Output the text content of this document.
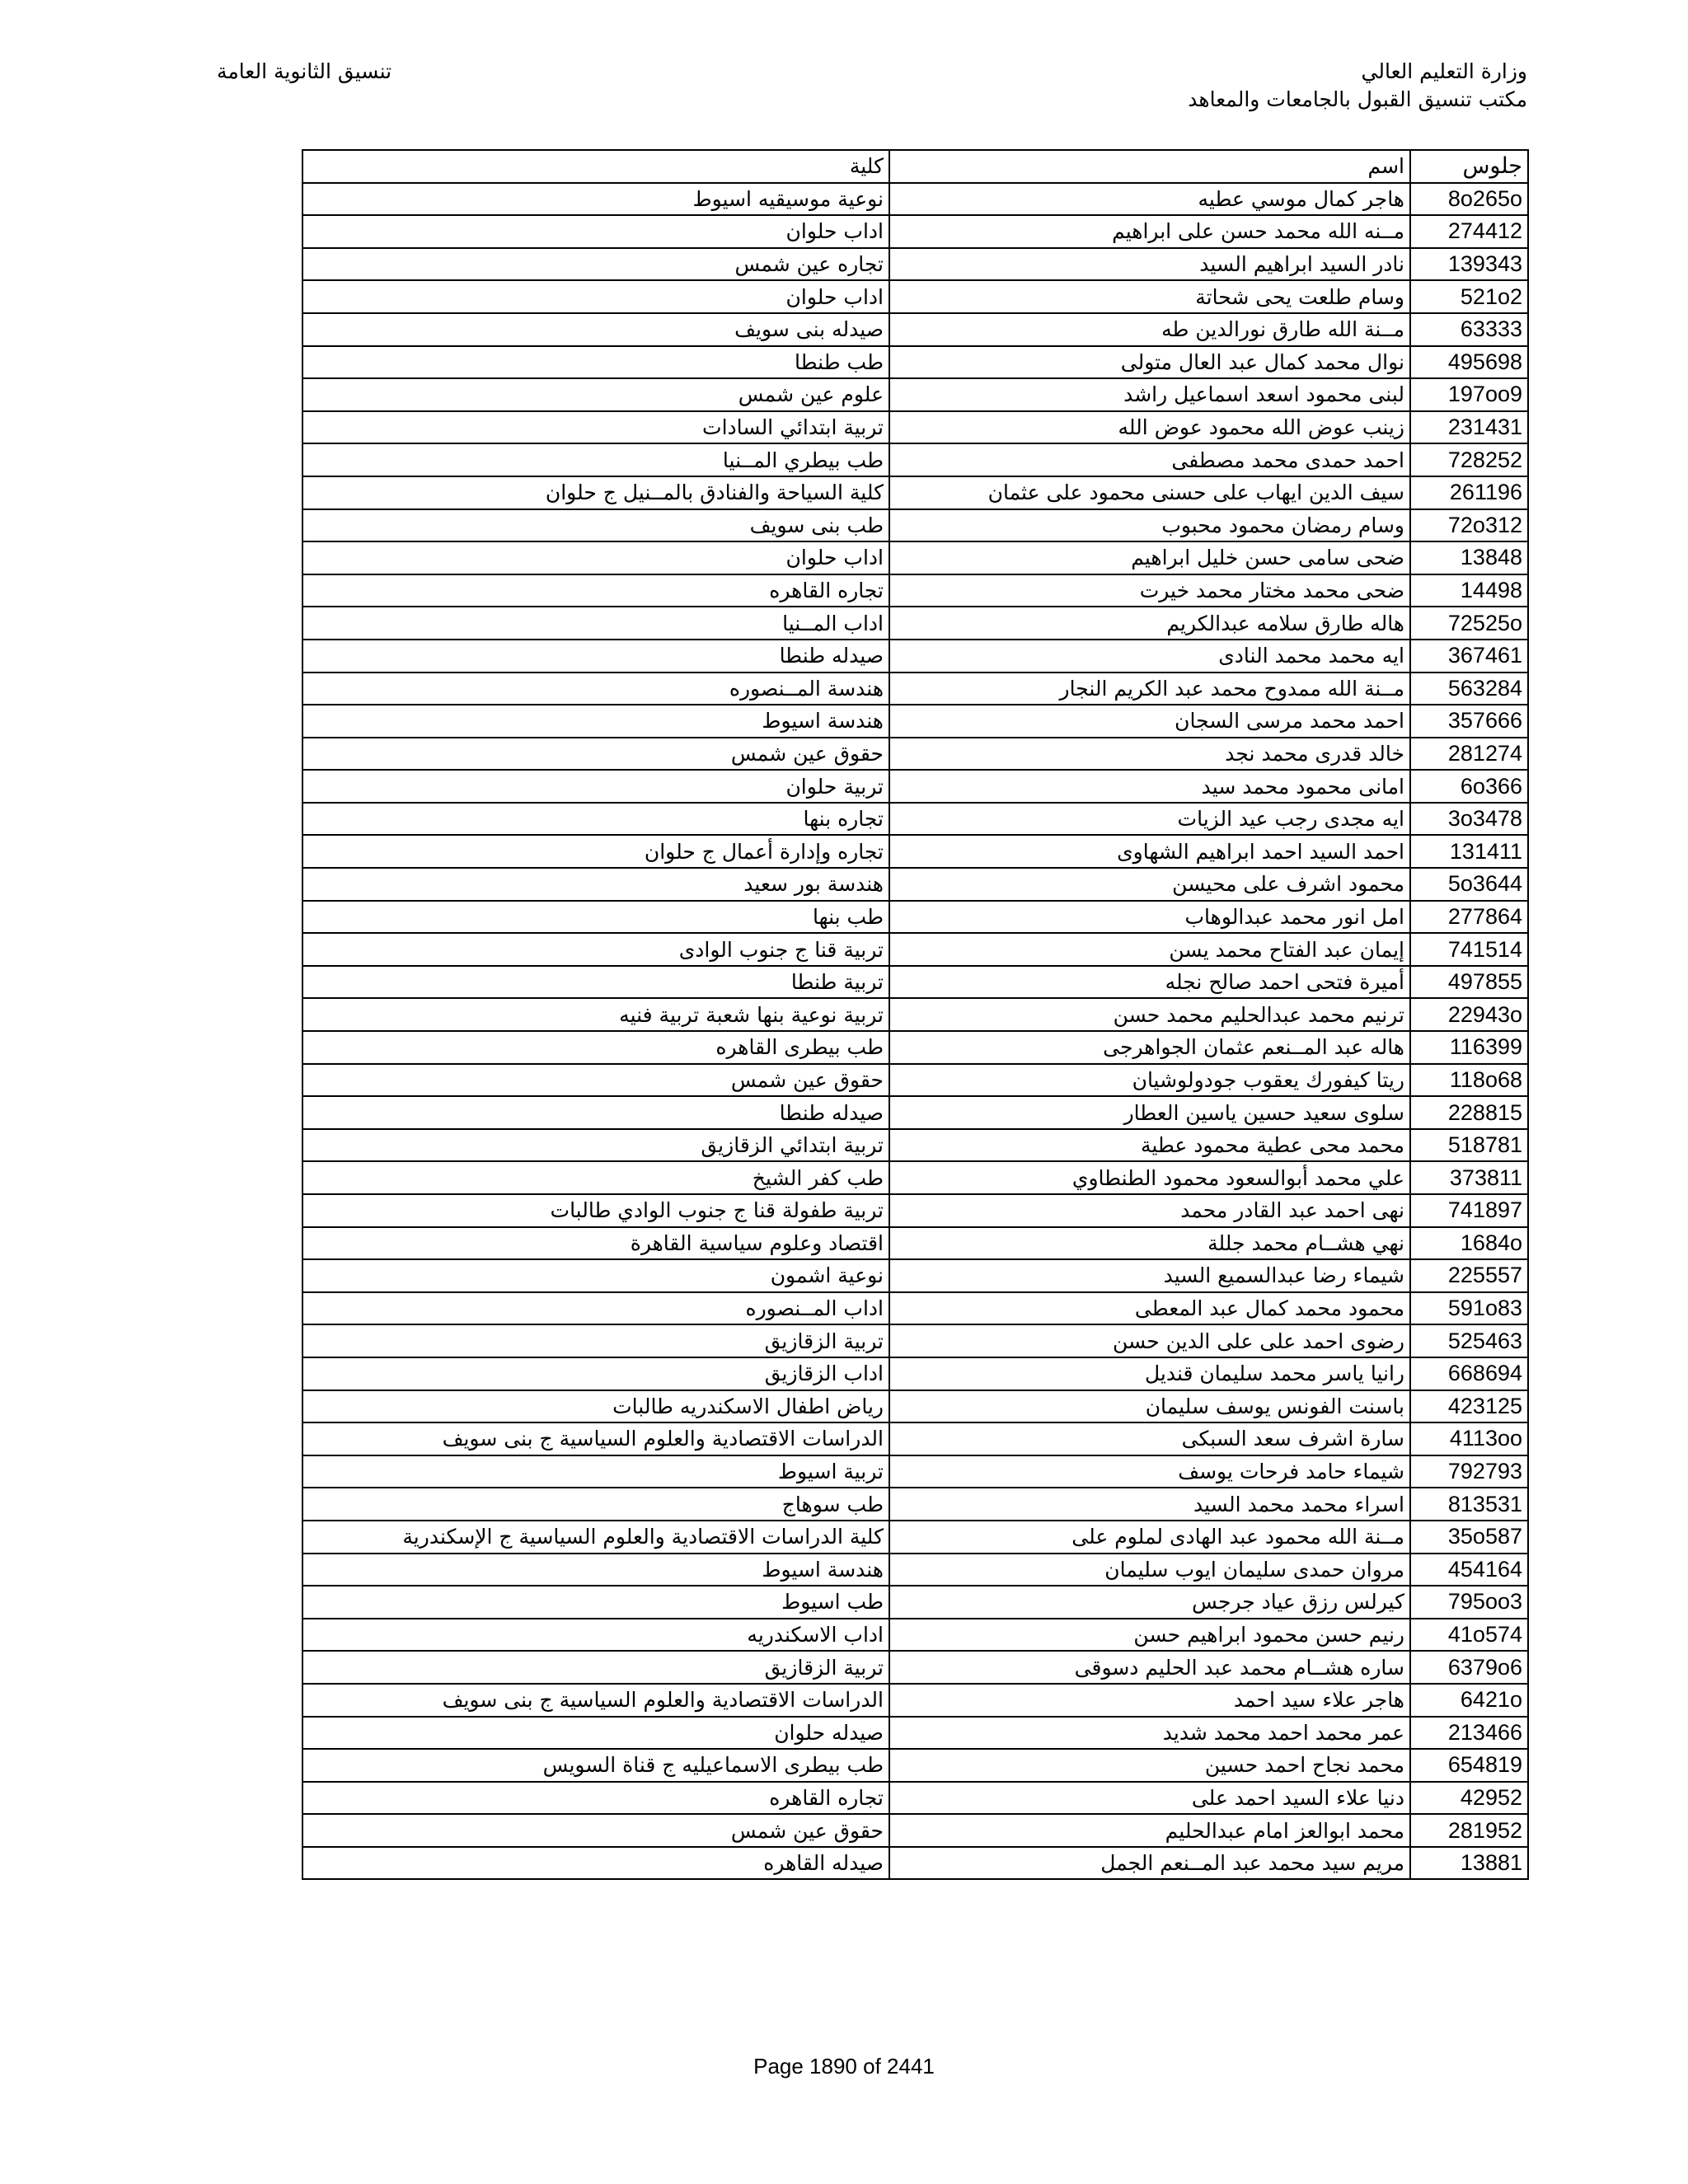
وزارة التعليم العالي
مكتب تنسيق القبول بالجامعات والمعاهد
تنسيق الثانوية العامة
جلوس	اسم	كلية
8o265o	هاجر كمال موسي عطيه	نوعية موسيقيه اسيوط
274412	مــنه الله محمد حسن على ابراهيم	اداب حلوان
139343	نادر السيد ابراهيم السيد	تجاره عين شمس
521o2	وسام طلعت يحى شحاتة	اداب حلوان
63333	مــنة الله طارق نورالدين طه	صيدله بنى سويف
495698	نوال محمد كمال عبد العال متولى	طب طنطا
197oo9	لبنى محمود اسعد اسماعيل راشد	علوم عين شمس
231431	زينب عوض الله محمود عوض الله	تربية ابتدائي السادات
728252	احمد حمدى محمد مصطفى	طب بيطري المــنيا
261196	سيف الدين ايهاب على حسنى محمود على عثمان	كلية السياحة والفنادق بالمــنيل ج حلوان
72o312	وسام رمضان محمود محبوب	طب بنى سويف
13848	ضحى سامى حسن خليل ابراهيم	اداب حلوان
14498	ضحى محمد مختار محمد خيرت	تجاره القاهره
72525o	هاله طارق سلامه عبدالكريم	اداب المــنيا
367461	ايه محمد محمد النادى	صيدله طنطا
563284	مــنة الله ممدوح محمد عبد الكريم النجار	هندسة المــنصوره
357666	احمد محمد مرسى السجان	هندسة اسيوط
281274	خالد قدرى محمد نجد	حقوق عين شمس
6o366	امانى محمود محمد سيد	تربية حلوان
3o3478	ايه مجدى رجب عيد الزيات	تجاره بنها
131411	احمد السيد احمد ابراهيم الشهاوى	تجاره وإدارة أعمال ج حلوان
5o3644	محمود اشرف على محيسن	هندسة بور سعيد
277864	امل انور محمد عبدالوهاب	طب بنها
741514	إيمان عبد الفتاح محمد يسن	تربية قنا ج جنوب الوادى
497855	أميرة فتحى احمد صالح نجله	تربية طنطا
22943o	ترنيم محمد عبدالحليم محمد حسن	تربية نوعية بنها شعبة تربية فنيه
116399	هاله عبد المــنعم عثمان الجواهرجى	طب بيطرى القاهره
118o68	ريتا كيفورك يعقوب جودولوشيان	حقوق عين شمس
228815	سلوى سعيد حسين ياسين العطار	صيدله طنطا
518781	محمد محى عطية محمود عطية	تربية ابتدائي الزقازيق
373811	علي محمد أبوالسعود محمود الطنطاوي	طب كفر الشيخ
741897	نهى احمد عبد القادر محمد	تربية طفولة قنا ج جنوب الوادي طالبات
1684o	نهي هشــام محمد جللة	اقتصاد وعلوم سياسية القاهرة
225557	شيماء رضا عبدالسميع السيد	نوعية اشمون
591o83	محمود محمد كمال عبد المعطى	اداب المــنصوره
525463	رضوى احمد على على الدين حسن	تربية الزقازيق
668694	رانيا ياسر محمد سليمان قنديل	اداب الزقازيق
423125	باسنت الفونس يوسف سليمان	رياض اطفال الاسكندريه طالبات
4113oo	سارة اشرف سعد السبكى	الدراسات الاقتصادية والعلوم السياسية ج بنى سويف
792793	شيماء حامد فرحات يوسف	تربية اسيوط
813531	اسراء محمد محمد السيد	طب سوهاج
35o587	مــنة الله محمود عبد الهادى لملوم على	كلية الدراسات الاقتصادية والعلوم السياسية ج الإسكندرية
454164	مروان حمدى سليمان ايوب سليمان	هندسة اسيوط
795oo3	كيرلس رزق عياد جرجس	طب اسيوط
41o574	رنيم حسن محمود ابراهيم حسن	اداب الاسكندريه
6379o6	ساره هشــام محمد عبد الحليم دسوقى	تربية الزقازيق
6421o	هاجر علاء سيد احمد	الدراسات الاقتصادية والعلوم السياسية ج بنى سويف
213466	عمر محمد احمد محمد شديد	صيدله حلوان
654819	محمد نجاح احمد حسين	طب بيطرى الاسماعيليه ج قناة السويس
42952	دنيا علاء السيد احمد على	تجاره القاهره
281952	محمد ابوالعز امام عبدالحليم	حقوق عين شمس
13881	مريم سيد محمد عبد المــنعم الجمل	صيدله القاهره
Page 1890 of 2441
